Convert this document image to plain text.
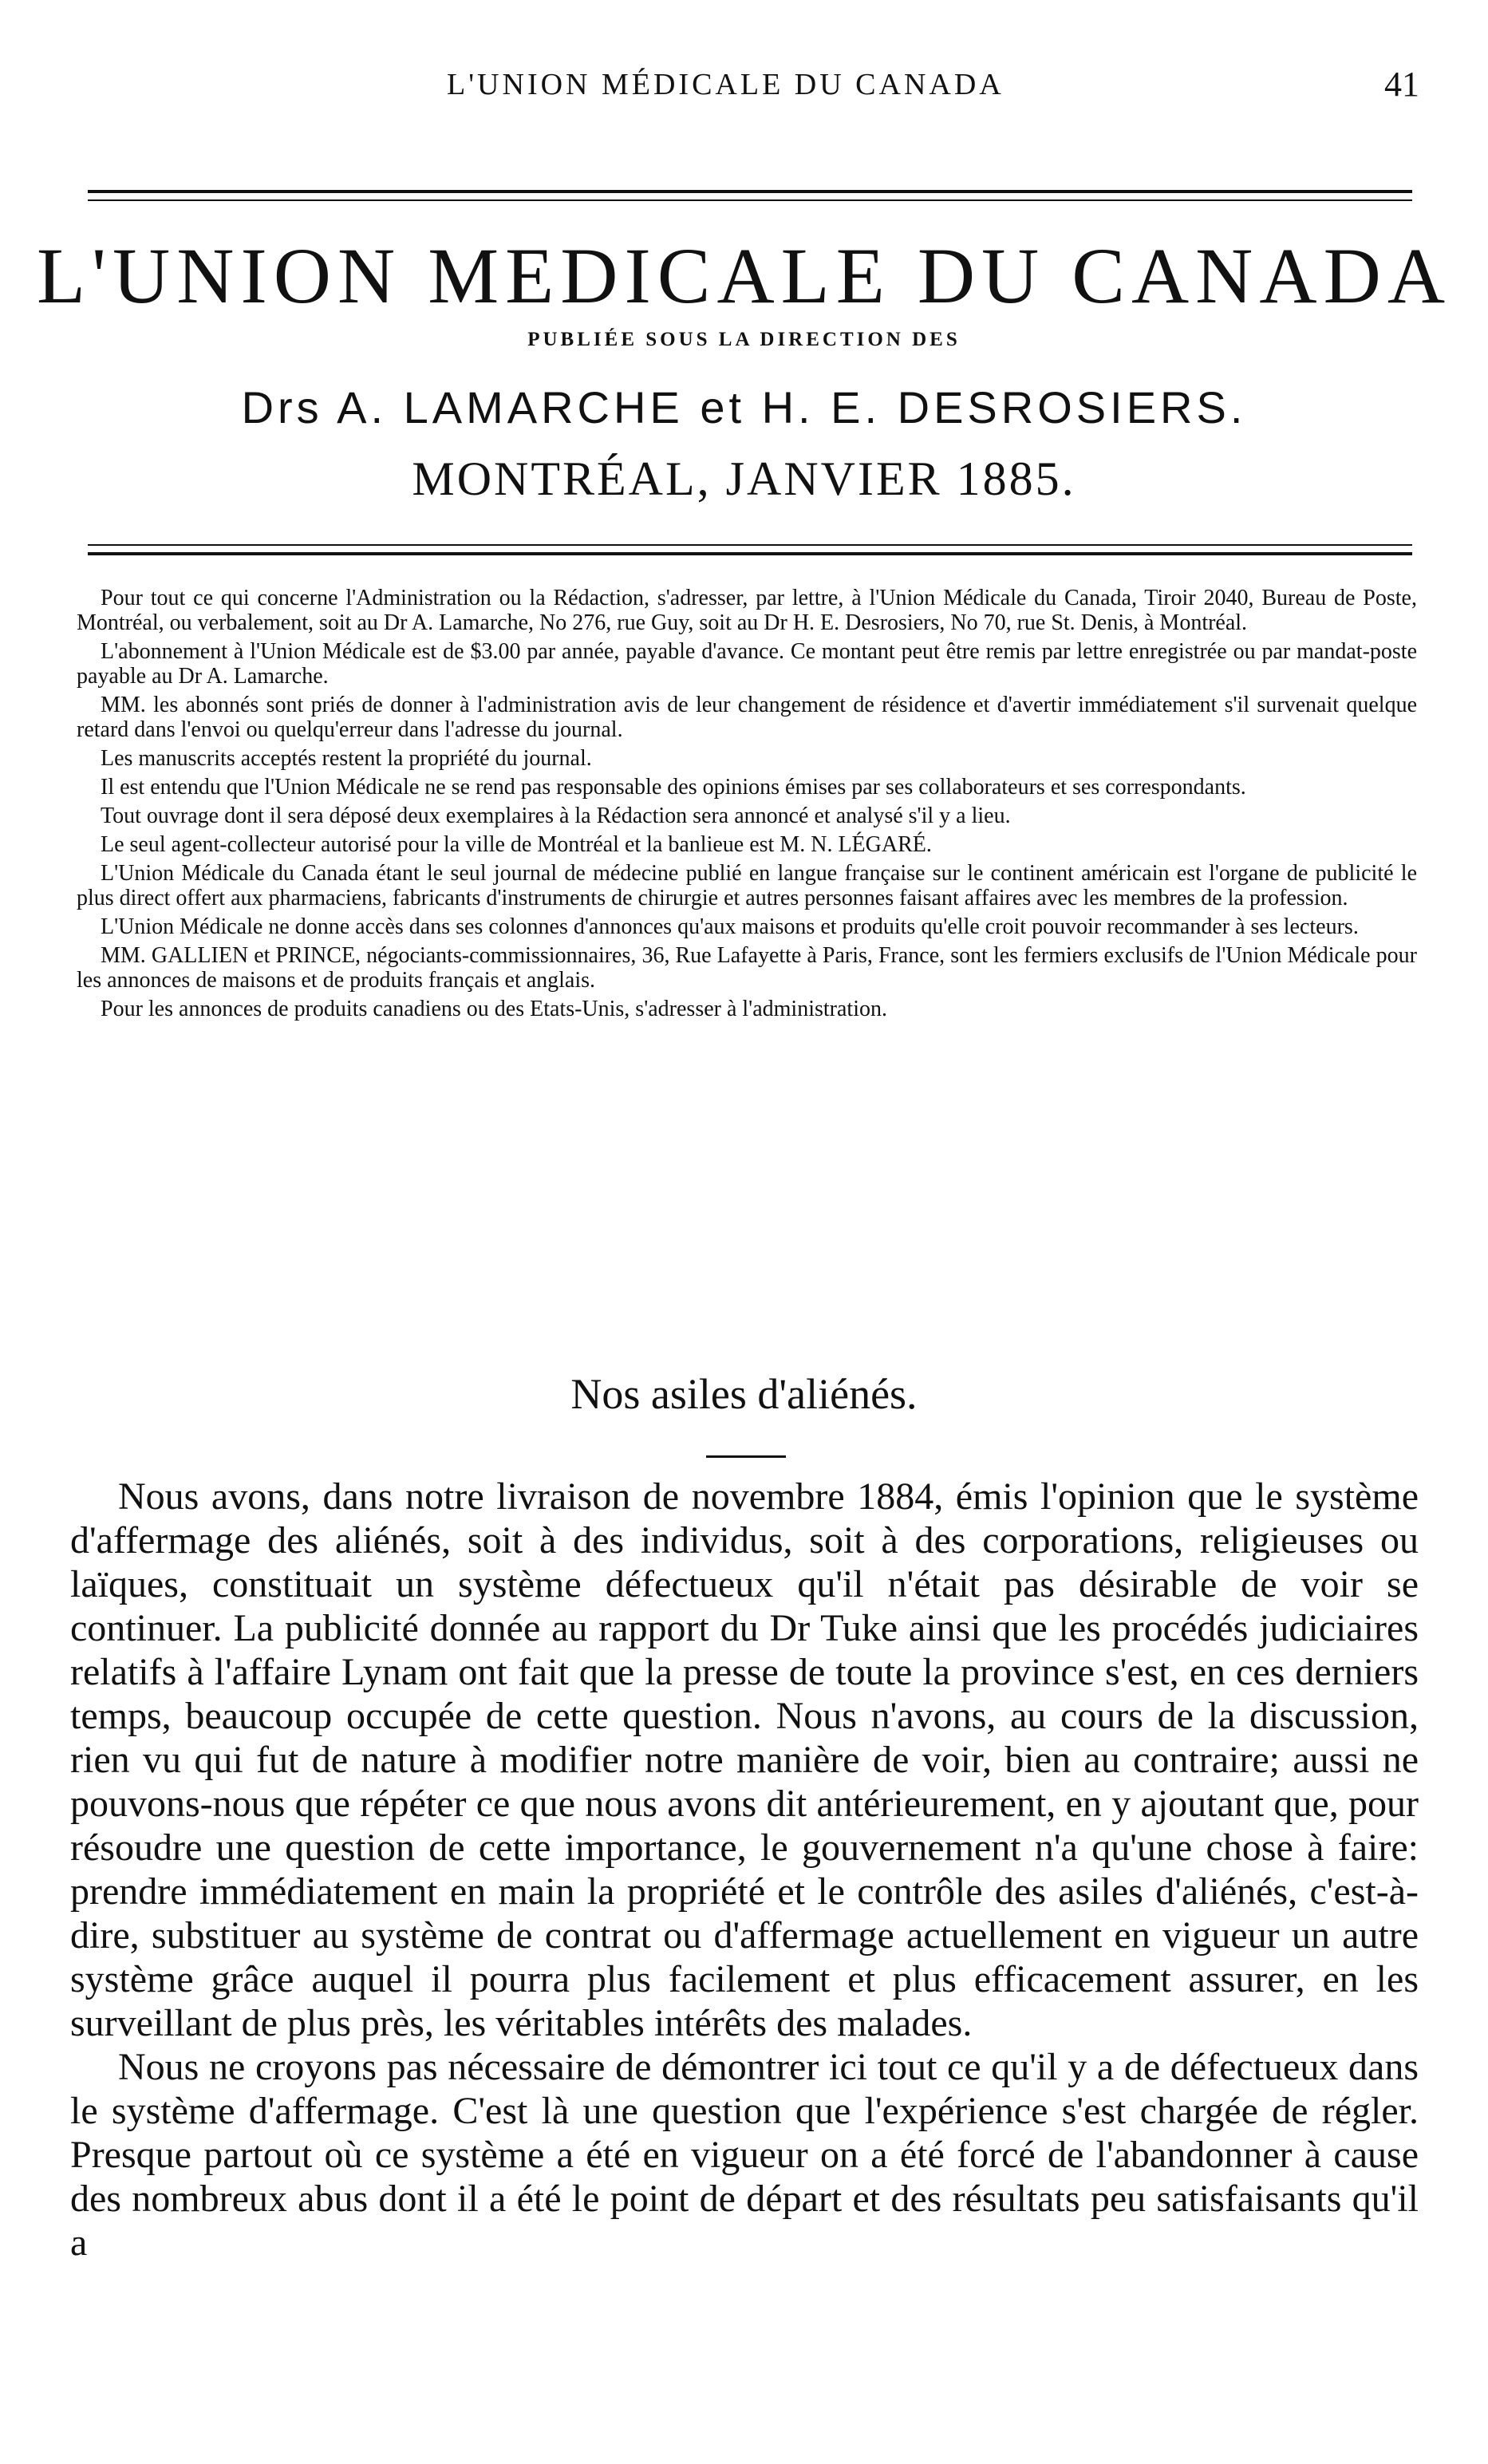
L'UNION MÉDICALE DU CANADA	41
L'UNION MEDICALE DU CANADA
PUBLIÉE SOUS LA DIRECTION DES
Drs A. LAMARCHE et H. E. DESROSIERS.
MONTRÉAL, JANVIER 1885.

Pour tout ce qui concerne l'Administration ou la Rédaction, s'adresser, par lettre, à l'Union Médicale du Canada, Tiroir 2040, Bureau de Poste, Montréal, ou verbalement, soit au Dr A. Lamarche, No 276, rue Guy, soit au Dr H. E. Desrosiers, No 70, rue St. Denis, à Montréal.

L'abonnement à l'Union Médicale est de $3.00 par année, payable d'avance. Ce montant peut être remis par lettre enregistrée ou par mandat-poste payable au Dr A. Lamarche.

MM. les abonnés sont priés de donner à l'administration avis de leur changement de résidence et d'avertir immédiatement s'il survenait quelque retard dans l'envoi ou quelqu'erreur dans l'adresse du journal.

Les manuscrits acceptés restent la propriété du journal.

Il est entendu que l'Union Médicale ne se rend pas responsable des opinions émises par ses collaborateurs et ses correspondants.

Tout ouvrage dont il sera déposé deux exemplaires à la Rédaction sera annoncé et analysé s'il y a lieu.

Le seul agent-collecteur autorisé pour la ville de Montréal et la banlieue est M. N. LÉGARÉ.

L'Union Médicale du Canada étant le seul journal de médecine publié en langue française sur le continent américain est l'organe de publicité le plus direct offert aux pharmaciens, fabricants d'instruments de chirurgie et autres personnes faisant affaires avec les membres de la profession.

L'Union Médicale ne donne accès dans ses colonnes d'annonces qu'aux maisons et produits qu'elle croit pouvoir recommander à ses lecteurs.

MM. GALLIEN et PRINCE, négociants-commissionnaires, 36, Rue Lafayette à Paris, France, sont les fermiers exclusifs de l'Union Médicale pour les annonces de maisons et de produits français et anglais.

Pour les annonces de produits canadiens ou des Etats-Unis, s'adresser à l'administration.

Nos asiles d'aliénés.

Nous avons, dans notre livraison de novembre 1884, émis l'opinion que le système d'affermage des aliénés, soit à des individus, soit à des corporations, religieuses ou laïques, constituait un système défectueux qu'il n'était pas désirable de voir se continuer. La publicité donnée au rapport du Dr Tuke ainsi que les procédés judiciaires relatifs à l'affaire Lynam ont fait que la presse de toute la province s'est, en ces derniers temps, beaucoup occupée de cette question. Nous n'avons, au cours de la discussion, rien vu qui fut de nature à modifier notre manière de voir, bien au contraire; aussi ne pouvons-nous que répéter ce que nous avons dit antérieurement, en y ajoutant que, pour résoudre une question de cette importance, le gouvernement n'a qu'une chose à faire: prendre immédiatement en main la propriété et le contrôle des asiles d'aliénés, c'est-à-dire, substituer au système de contrat ou d'affermage actuellement en vigueur un autre système grâce auquel il pourra plus facilement et plus efficacement assurer, en les surveillant de plus près, les véritables intérêts des malades.

Nous ne croyons pas nécessaire de démontrer ici tout ce qu'il y a de défectueux dans le système d'affermage. C'est là une question que l'expérience s'est chargée de régler. Presque partout où ce système a été en vigueur on a été forcé de l'abandonner à cause des nombreux abus dont il a été le point de départ et des résultats peu satisfaisants qu'il a
